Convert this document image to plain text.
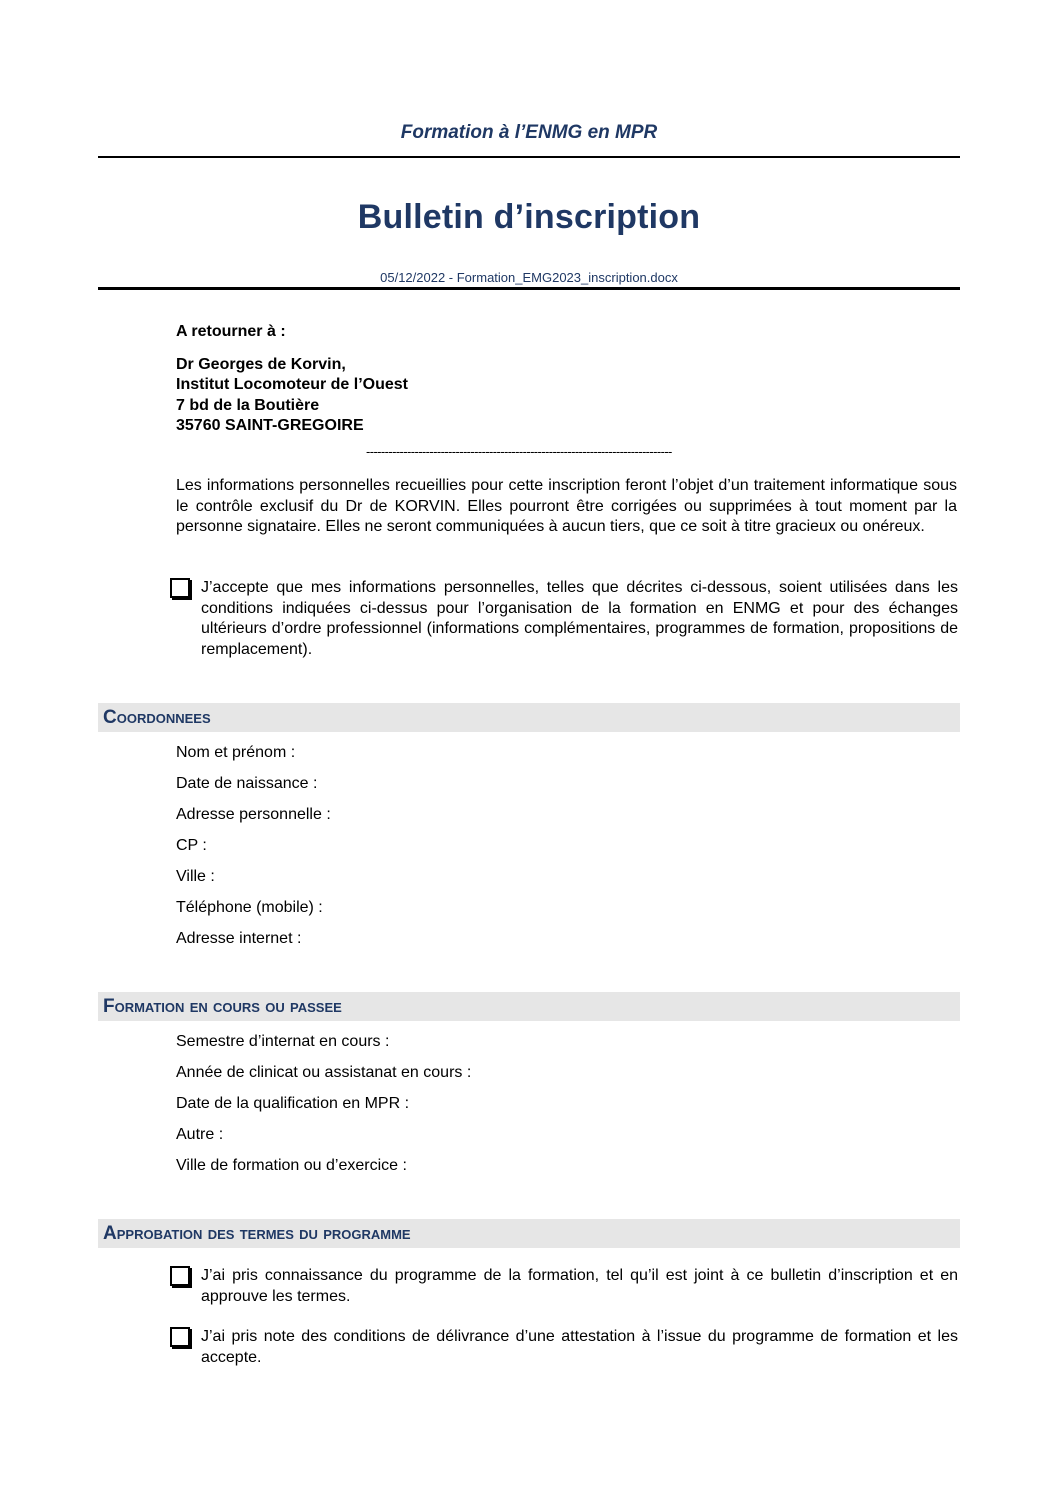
Formation à l’ENMG en MPR
Bulletin d’inscription
05/12/2022 - Formation_EMG2023_inscription.docx
A retourner à :
Dr Georges de Korvin,
Institut Locomoteur de l’Ouest
7 bd de la Boutière
35760 SAINT-GREGOIRE
----------------------------------------------------------------------------------
Les informations personnelles recueillies pour cette inscription feront l’objet d’un traitement informatique sous le contrôle exclusif du Dr de KORVIN. Elles pourront être corrigées ou supprimées à tout moment par la personne signataire. Elles ne seront communiquées à aucun tiers, que ce soit à titre gracieux ou onéreux.
J’accepte que mes informations personnelles, telles que décrites ci-dessous, soient utilisées dans les conditions indiquées ci-dessus pour l’organisation de la formation en ENMG et pour des échanges ultérieurs d’ordre professionnel (informations complémentaires, programmes de formation, propositions de remplacement).
Coordonnees
Nom et prénom :
Date de naissance :
Adresse personnelle :
CP :
Ville :
Téléphone (mobile) :
Adresse internet :
Formation en cours ou passee
Semestre d’internat en cours :
Année de clinicat ou assistanat en cours :
Date de la qualification en MPR :
Autre :
Ville de formation ou d’exercice :
Approbation des termes du programme
J’ai pris connaissance du programme de la formation, tel qu’il est joint à ce bulletin d’inscription et en approuve les termes.
J’ai pris note des conditions de délivrance d’une attestation à l’issue du programme de formation et les accepte.
